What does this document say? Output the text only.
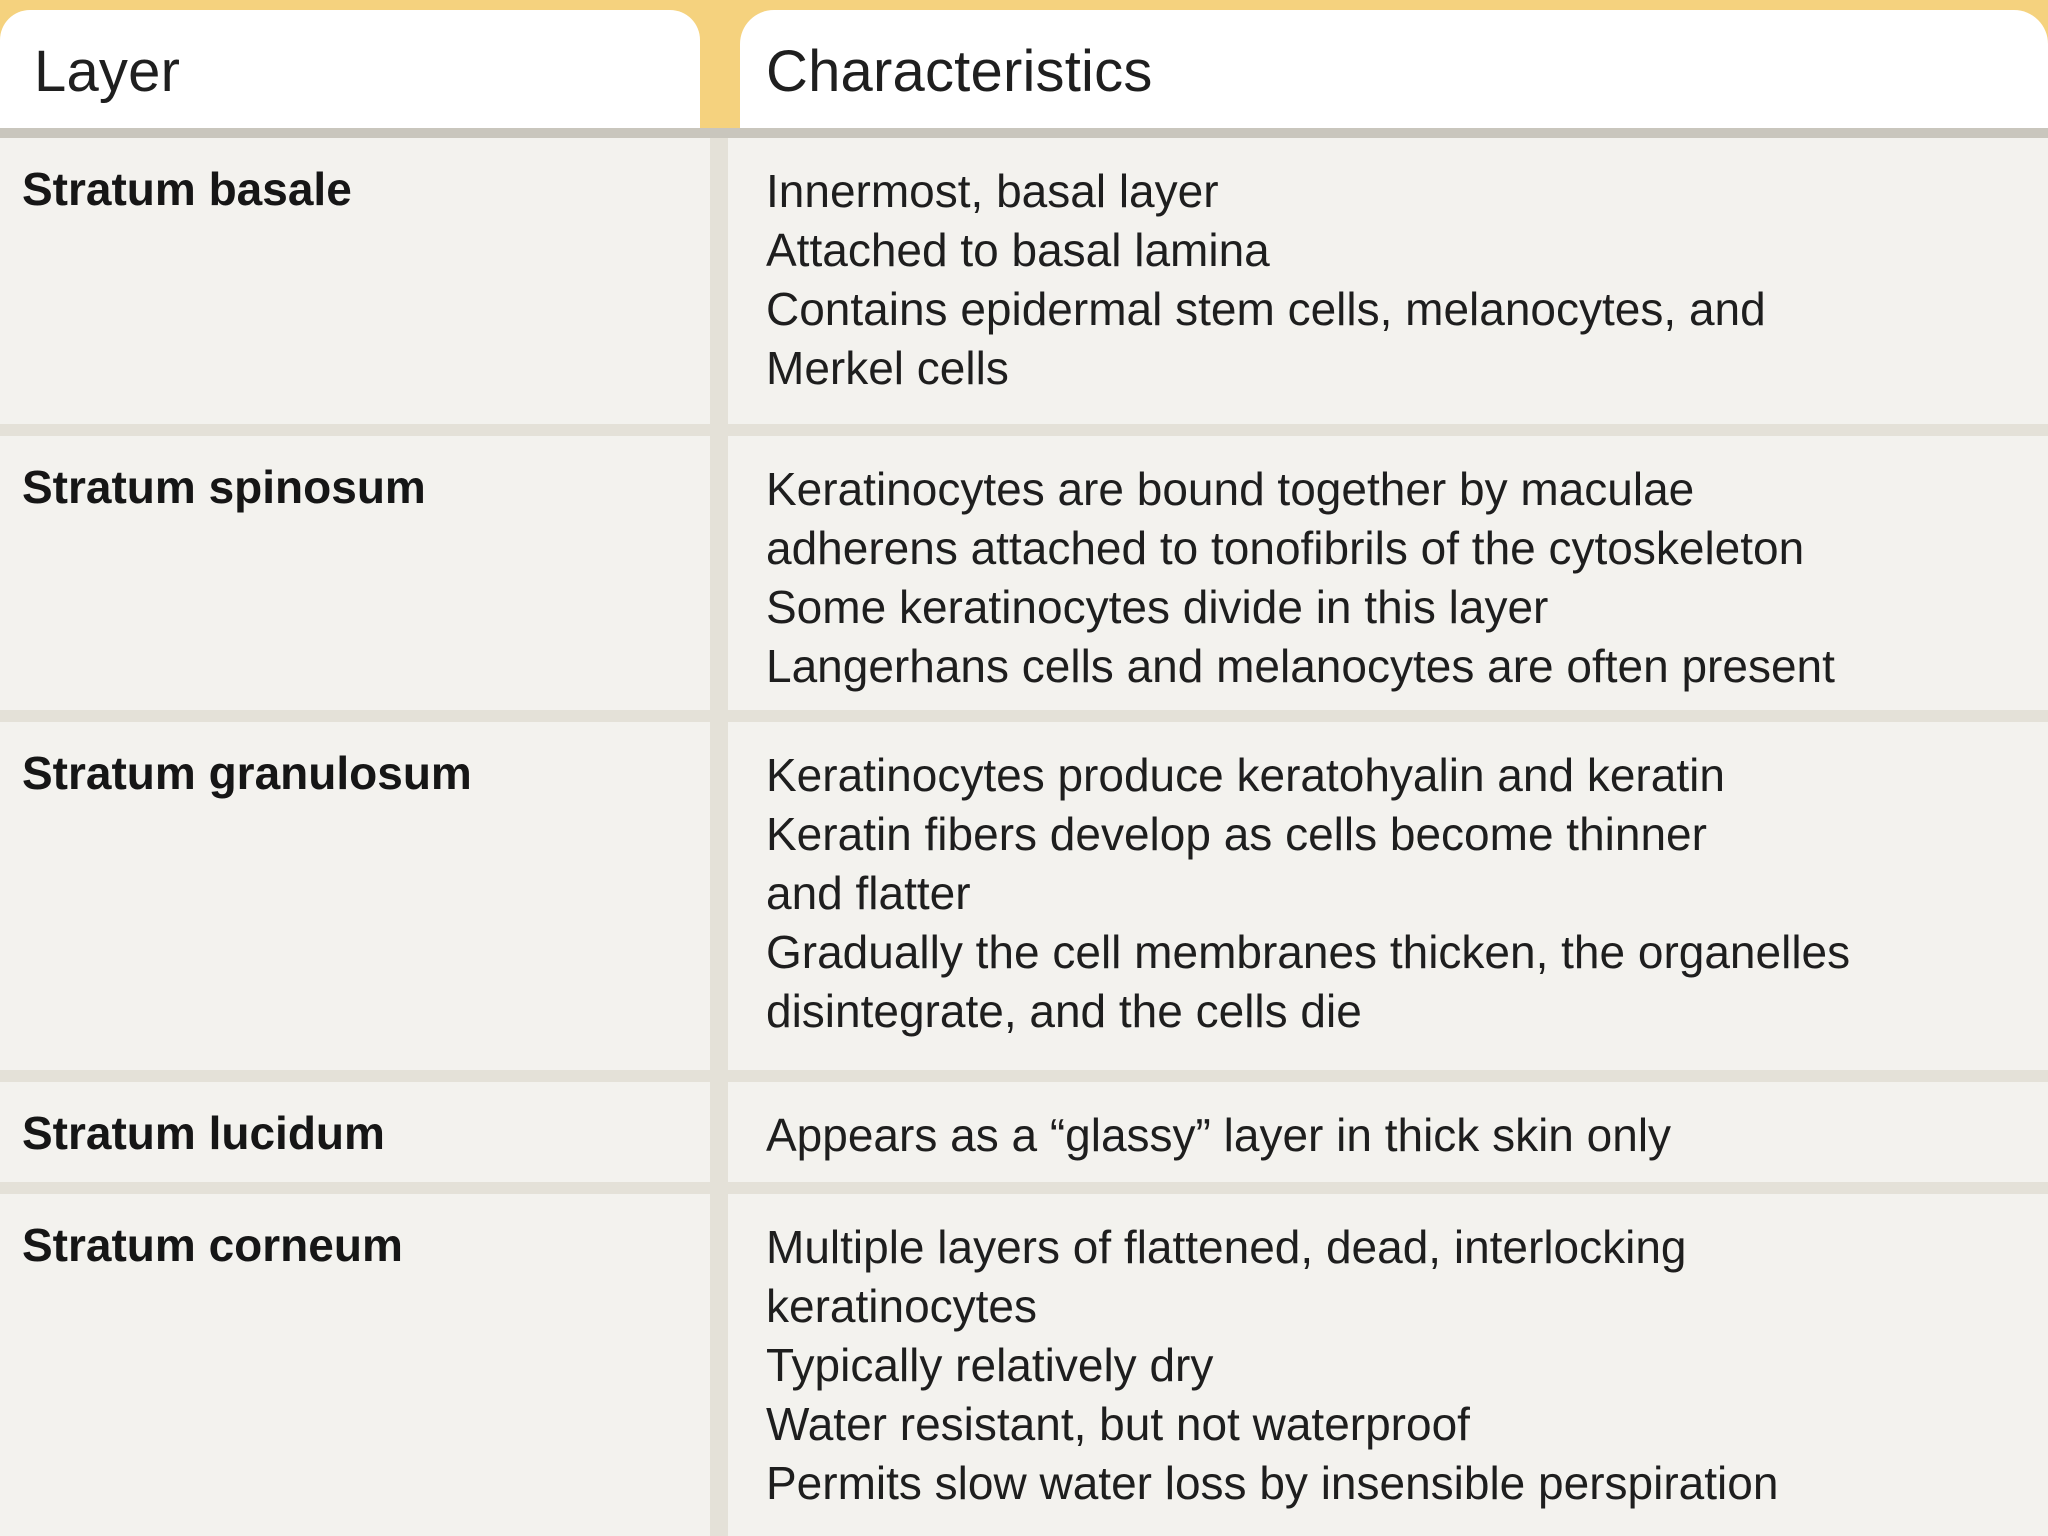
Layer	Characteristics
Stratum basale	Innermost, basal layer
Attached to basal lamina
Contains epidermal stem cells, melanocytes, and
Merkel cells
Stratum spinosum	Keratinocytes are bound together by maculae
adherens attached to tonofibrils of the cytoskeleton
Some keratinocytes divide in this layer
Langerhans cells and melanocytes are often present
Stratum granulosum	Keratinocytes produce keratohyalin and keratin
Keratin fibers develop as cells become thinner
and flatter
Gradually the cell membranes thicken, the organelles
disintegrate, and the cells die
Stratum lucidum	Appears as a “glassy” layer in thick skin only
Stratum corneum	Multiple layers of flattened, dead, interlocking
keratinocytes
Typically relatively dry
Water resistant, but not waterproof
Permits slow water loss by insensible perspiration
